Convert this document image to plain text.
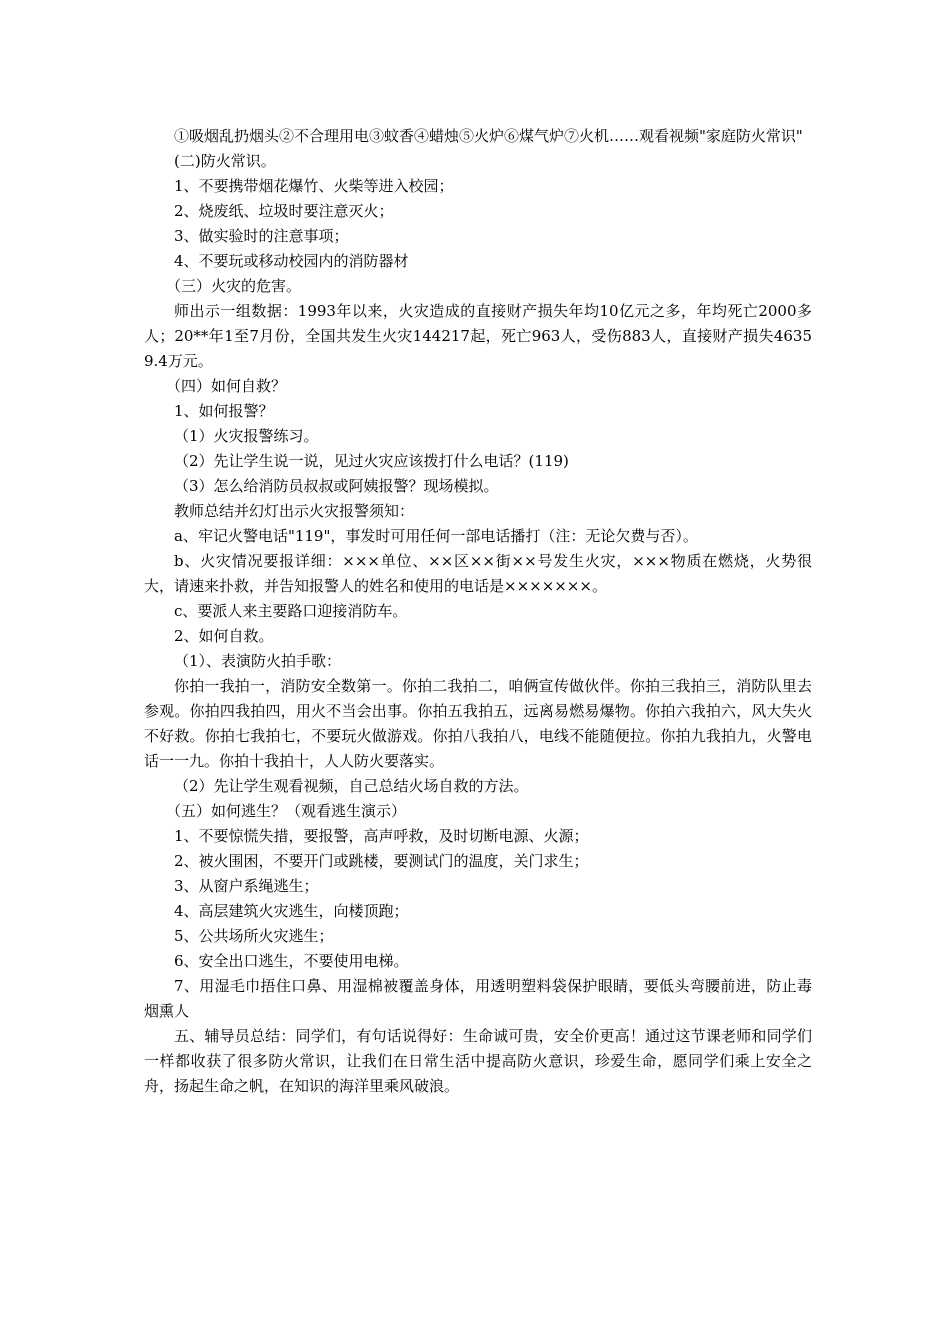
①吸烟乱扔烟头②不合理用电③蚊香④蜡烛⑤火炉⑥煤气炉⑦火机……观看视频"家庭防火常识"

(二)防火常识。

1、不要携带烟花爆竹、火柴等进入校园；

2、烧废纸、垃圾时要注意灭火；

3、做实验时的注意事项；

4、不要玩或移动校园内的消防器材

（三）火灾的危害。

师出示一组数据：1993年以来，火灾造成的直接财产损失年均10亿元之多，年均死亡2000多人；20**年1至7月份，全国共发生火灾144217起，死亡963人，受伤883人，直接财产损失46359.4万元。

（四）如何自救？

1、如何报警？

（1）火灾报警练习。

（2）先让学生说一说，见过火灾应该拨打什么电话？(119)

（3）怎么给消防员叔叔或阿姨报警？现场模拟。

教师总结并幻灯出示火灾报警须知：

a、牢记火警电话"119"，事发时可用任何一部电话播打（注：无论欠费与否）。

b、火灾情况要报详细：×××单位、××区××街××号发生火灾，×××物质在燃烧，火势很大，请速来扑救，并告知报警人的姓名和使用的电话是×××××××。

c、要派人来主要路口迎接消防车。

2、如何自救。

（1）、表演防火拍手歌：

你拍一我拍一，消防安全数第一。你拍二我拍二，咱俩宣传做伙伴。你拍三我拍三，消防队里去参观。你拍四我拍四，用火不当会出事。你拍五我拍五，远离易燃易爆物。你拍六我拍六，风大失火不好救。你拍七我拍七，不要玩火做游戏。你拍八我拍八，电线不能随便拉。你拍九我拍九，火警电话一一九。你拍十我拍十，人人防火要落实。

（2）先让学生观看视频，自己总结火场自救的方法。

（五）如何逃生？（观看逃生演示）

1、不要惊慌失措，要报警，高声呼救，及时切断电源、火源；

2、被火围困，不要开门或跳楼，要测试门的温度，关门求生；

3、从窗户系绳逃生；

4、高层建筑火灾逃生，向楼顶跑；

5、公共场所火灾逃生；

6、安全出口逃生，不要使用电梯。

7、用湿毛巾捂住口鼻、用湿棉被覆盖身体，用透明塑料袋保护眼睛，要低头弯腰前进，防止毒烟熏人

五、辅导员总结：同学们，有句话说得好：生命诚可贵，安全价更高！通过这节课老师和同学们一样都收获了很多防火常识，让我们在日常生活中提高防火意识，珍爱生命，愿同学们乘上安全之舟，扬起生命之帆，在知识的海洋里乘风破浪。
